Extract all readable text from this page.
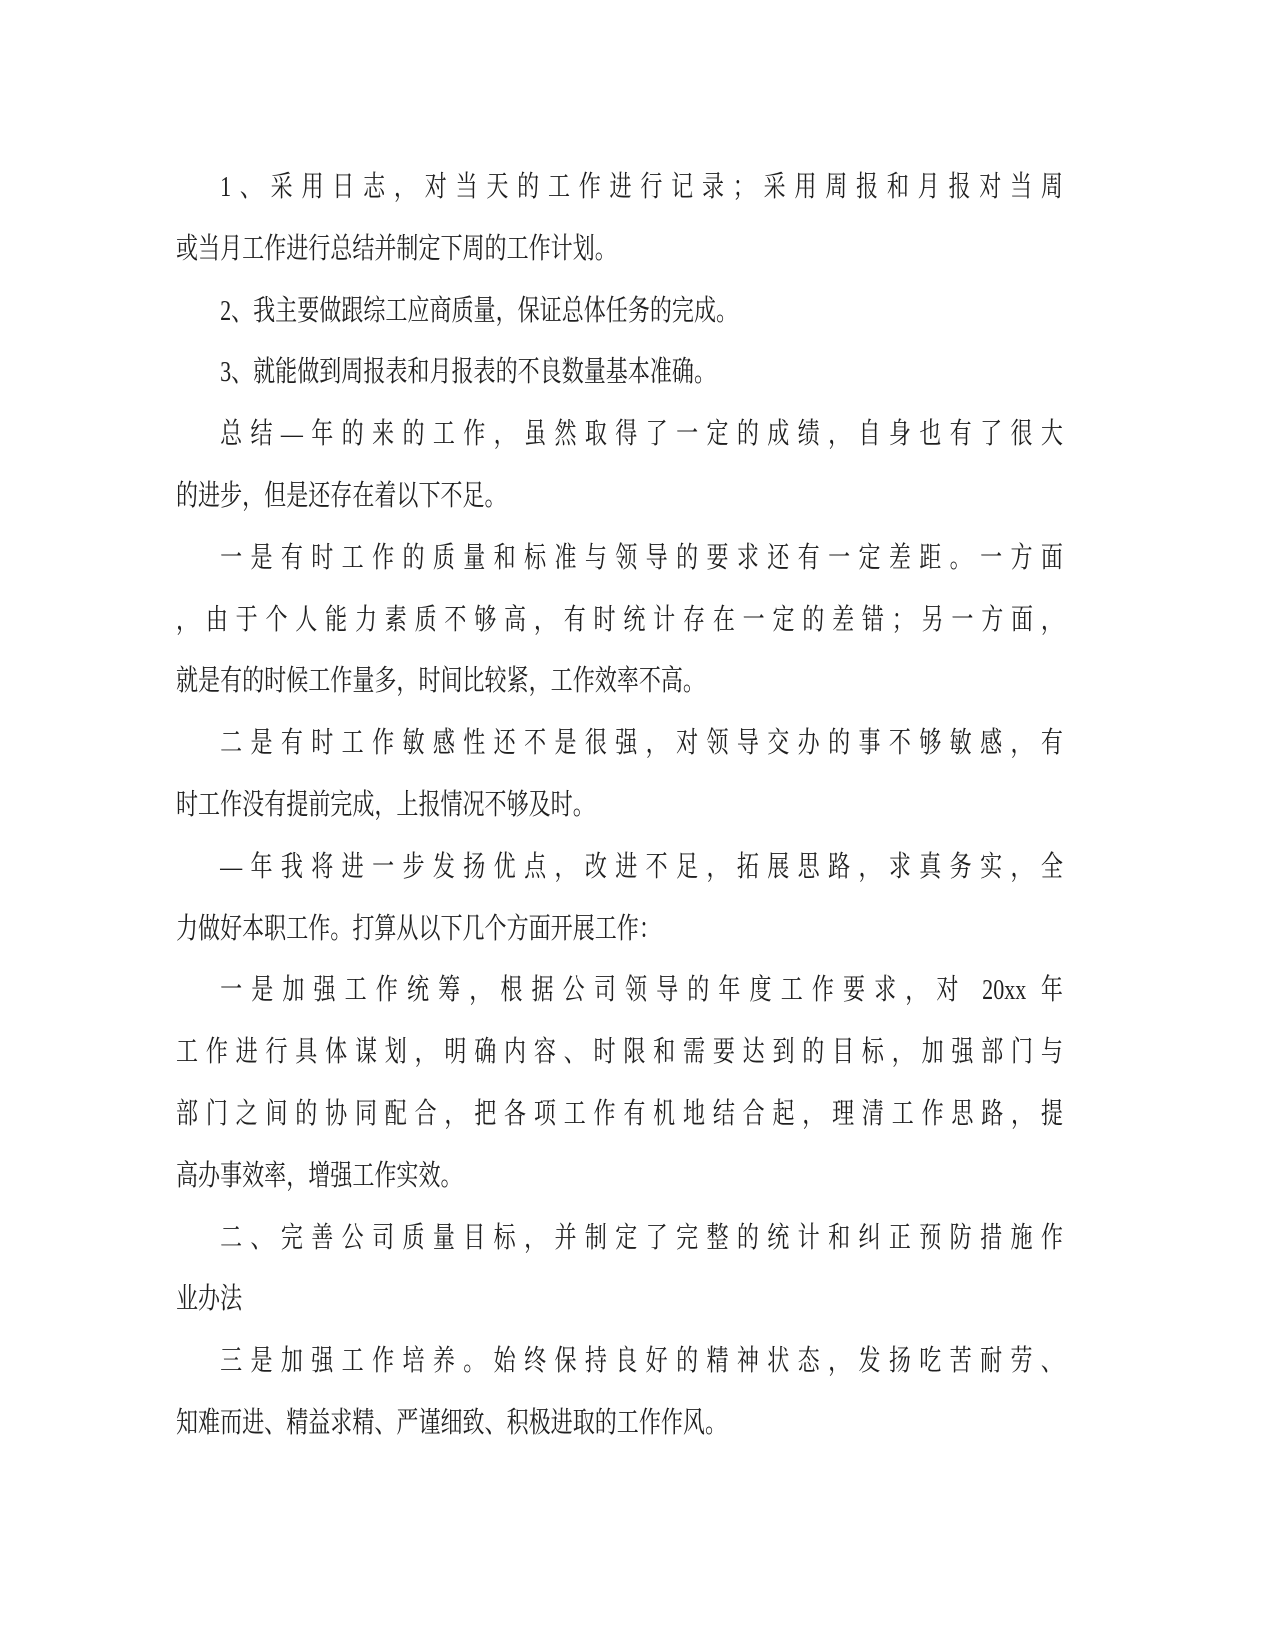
1、采用日志，对当天的工作进行记录；采用周报和月报对当周
或当月工作进行总结并制定下周的工作计划。
2、我主要做跟综工应商质量，保证总体任务的完成。
3、就能做到周报表和月报表的不良数量基本准确。
总结—年的来的工作，虽然取得了一定的成绩，自身也有了很大
的进步，但是还存在着以下不足。
一是有时工作的质量和标准与领导的要求还有一定差距。一方面
，由于个人能力素质不够高，有时统计存在一定的差错；另一方面，
就是有的时候工作量多，时间比较紧，工作效率不高。
二是有时工作敏感性还不是很强，对领导交办的事不够敏感，有
时工作没有提前完成，上报情况不够及时。
—年我将进一步发扬优点，改进不足，拓展思路，求真务实，全
力做好本职工作。打算从以下几个方面开展工作：
一是加强工作统筹，根据公司领导的年度工作要求，对 20xx 年
工作进行具体谋划，明确内容、时限和需要达到的目标，加强部门与
部门之间的协同配合，把各项工作有机地结合起，理清工作思路，提
高办事效率，增强工作实效。
二、完善公司质量目标，并制定了完整的统计和纠正预防措施作
业办法
三是加强工作培养。始终保持良好的精神状态，发扬吃苦耐劳、
知难而进、精益求精、严谨细致、积极进取的工作作风。
